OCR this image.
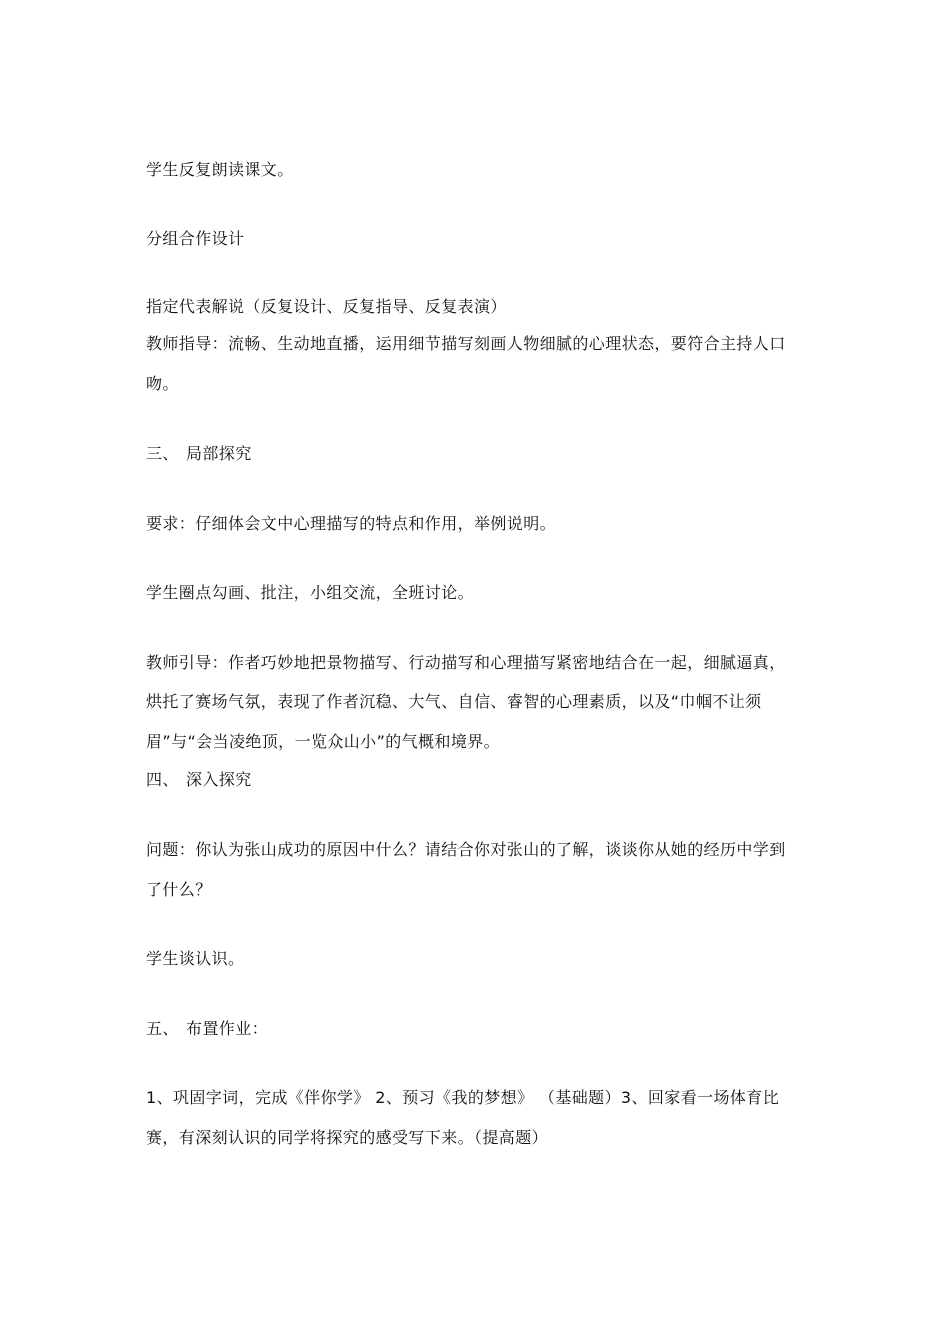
学生反复朗读课文。
分组合作设计
指定代表解说（反复设计、反复指导、反复表演）
教师指导：流畅、生动地直播，运用细节描写刻画人物细腻的心理状态，要符合主持人口
吻。
三、 局部探究
要求：仔细体会文中心理描写的特点和作用，举例说明。
学生圈点勾画、批注，小组交流，全班讨论。
教师引导：作者巧妙地把景物描写、行动描写和心理描写紧密地结合在一起，细腻逼真，
烘托了赛场气氛，表现了作者沉稳、大气、自信、睿智的心理素质，以及“巾帼不让须
眉”与“会当凌绝顶，一览众山小”的气概和境界。
四、 深入探究
问题：你认为张山成功的原因中什么？请结合你对张山的了解，谈谈你从她的经历中学到
了什么？
学生谈认识。
五、 布置作业：
1、巩固字词，完成《伴你学》 2、预习《我的梦想》 （基础题）3、回家看一场体育比
赛，有深刻认识的同学将探究的感受写下来。（提高题）
